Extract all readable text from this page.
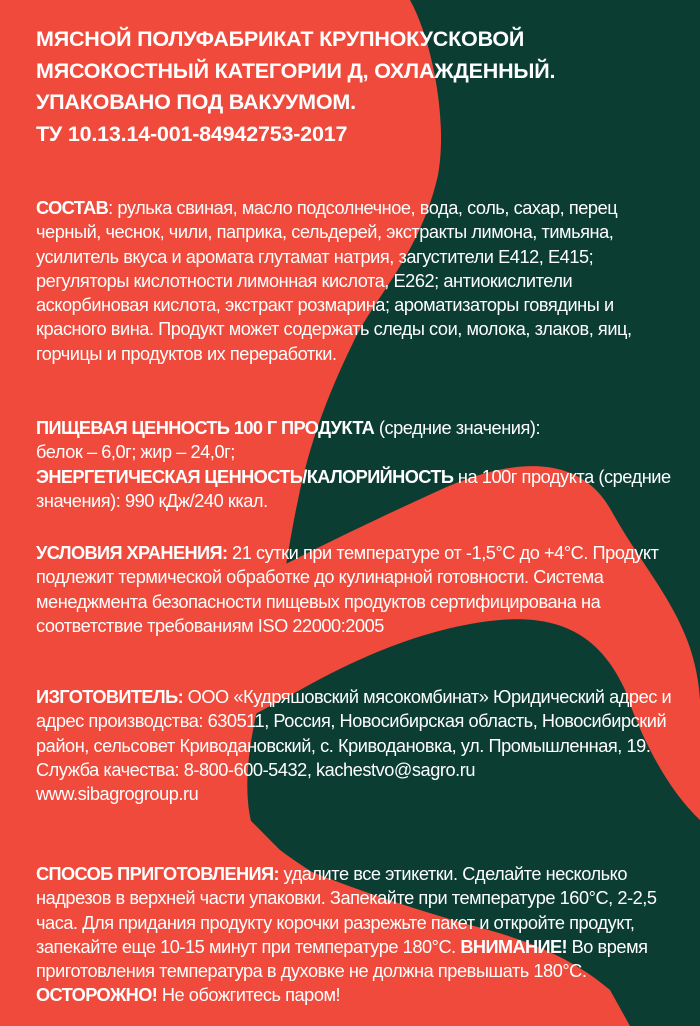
МЯСНОЙ ПОЛУФАБРИКАТ КРУПНОКУСКОВОЙ
МЯСОКОСТНЫЙ КАТЕГОРИИ Д, ОХЛАЖДЕННЫЙ.
УПАКОВАНО ПОД ВАКУУМОМ.
ТУ 10.13.14-001-84942753-2017

СОСТАВ: рулька свиная, масло подсолнечное, вода, соль, сахар, перец черный, чеснок, чили, паприка, сельдерей, экстракты лимона, тимьяна, усилитель вкуса и аромата глутамат натрия, загустители Е412, Е415; регуляторы кислотности лимонная кислота, Е262; антиокислители аскорбиновая кислота, экстракт розмарина; ароматизаторы говядины и красного вина. Продукт может содержать следы сои, молока, злаков, яиц, горчицы и продуктов их переработки.

ПИЩЕВАЯ ЦЕННОСТЬ 100 Г ПРОДУКТА (средние значения):
белок – 6,0г; жир – 24,0г;
ЭНЕРГЕТИЧЕСКАЯ ЦЕННОСТЬ/КАЛОРИЙНОСТЬ на 100г продукта (средние значения): 990 кДж/240 ккал.

УСЛОВИЯ ХРАНЕНИЯ: 21 сутки при температуре от -1,5°С до +4°С. Продукт подлежит термической обработке до кулинарной готовности. Система менеджмента безопасности пищевых продуктов сертифицирована на соответствие требованиям ISO 22000:2005

ИЗГОТОВИТЕЛЬ: ООО «Кудряшовский мясокомбинат» Юридический адрес и адрес производства: 630511, Россия, Новосибирская область, Новосибирский район, сельсовет Криводановский, с. Криводановка, ул. Промышленная, 19.
Служба качества: 8-800-600-5432, kachestvo@sagro.ru
www.sibagrogroup.ru

СПОСОБ ПРИГОТОВЛЕНИЯ: удалите все этикетки. Сделайте несколько надрезов в верхней части упаковки. Запекайте при температуре 160°С, 2-2,5 часа. Для придания продукту корочки разрежьте пакет и откройте продукт, запекайте еще 10-15 минут при температуре 180°С. ВНИМАНИЕ! Во время приготовления температура в духовке не должна превышать 180°С. ОСТОРОЖНО! Не обожгитесь паром!
